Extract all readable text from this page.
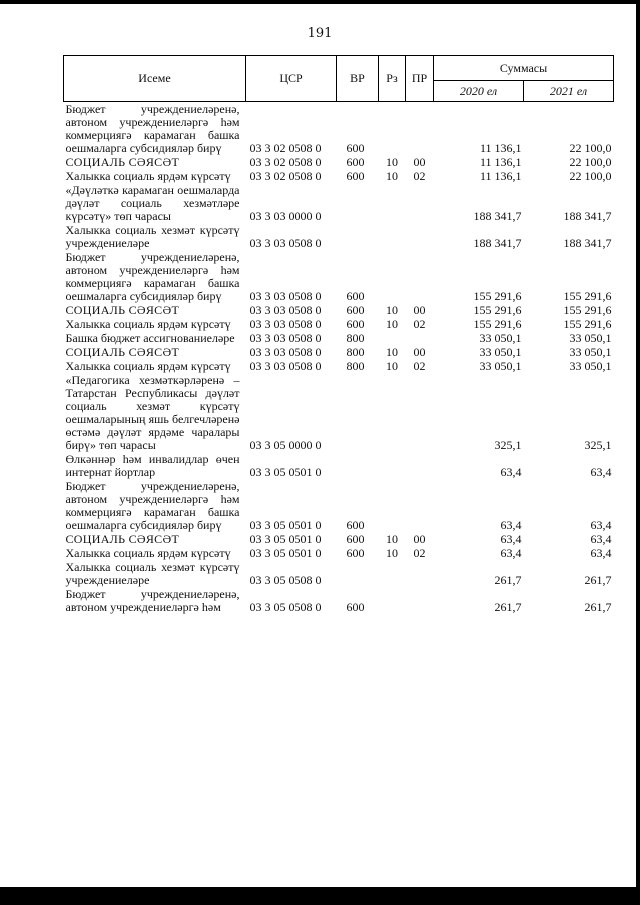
191
Исеме	ЦСР	ВР	Рз	ПР	Суммасы	
					2020 ел	2021 ел
Бюджет учреждениеләренә, автоном учреждениеләргә һәм коммерциягә карамаган башка оешмаларга субсидияләр бирү	03 3 02 0508 0	600			11 136,1	22 100,0
СОЦИАЛЬ СӘЯСӘТ	03 3 02 0508 0	600	10	00	11 136,1	22 100,0
Халыкка социаль ярдәм күрсәтү	03 3 02 0508 0	600	10	02	11 136,1	22 100,0
«Дәүләткә карамаган оешмаларда дәүләт социаль хезмәтләре күрсәтү» төп чарасы	03 3 03 0000 0				188 341,7	188 341,7
Халыкка социаль хезмәт күрсәтү учреждениеләре	03 3 03 0508 0				188 341,7	188 341,7
Бюджет учреждениеләренә, автоном учреждениеләргә һәм коммерциягә карамаган башка оешмаларга субсидияләр бирү	03 3 03 0508 0	600			155 291,6	155 291,6
СОЦИАЛЬ СӘЯСӘТ	03 3 03 0508 0	600	10	00	155 291,6	155 291,6
Халыкка социаль ярдәм күрсәтү	03 3 03 0508 0	600	10	02	155 291,6	155 291,6
Башка бюджет ассигнованиеләре	03 3 03 0508 0	800			33 050,1	33 050,1
СОЦИАЛЬ СӘЯСӘТ	03 3 03 0508 0	800	10	00	33 050,1	33 050,1
Халыкка социаль ярдәм күрсәтү	03 3 03 0508 0	800	10	02	33 050,1	33 050,1
«Педагогика хезмәткәрләренә – Татарстан Республикасы дәүләт социаль хезмәт күрсәтү оешмаларының яшь белгечләренә өстәмә дәүләт ярдәме чаралары бирү» төп чарасы	03 3 05 0000 0				325,1	325,1
Өлкәннәр һәм инвалидлар өчен интернат йортлар	03 3 05 0501 0				63,4	63,4
Бюджет учреждениеләренә, автоном учреждениеләргә һәм коммерциягә карамаган башка оешмаларга субсидияләр бирү	03 3 05 0501 0	600			63,4	63,4
СОЦИАЛЬ СӘЯСӘТ	03 3 05 0501 0	600	10	00	63,4	63,4
Халыкка социаль ярдәм күрсәтү	03 3 05 0501 0	600	10	02	63,4	63,4
Халыкка социаль хезмәт күрсәтү учреждениеләре	03 3 05 0508 0				261,7	261,7
Бюджет учреждениеләренә, автоном учреждениеләргә һәм	03 3 05 0508 0	600			261,7	261,7
